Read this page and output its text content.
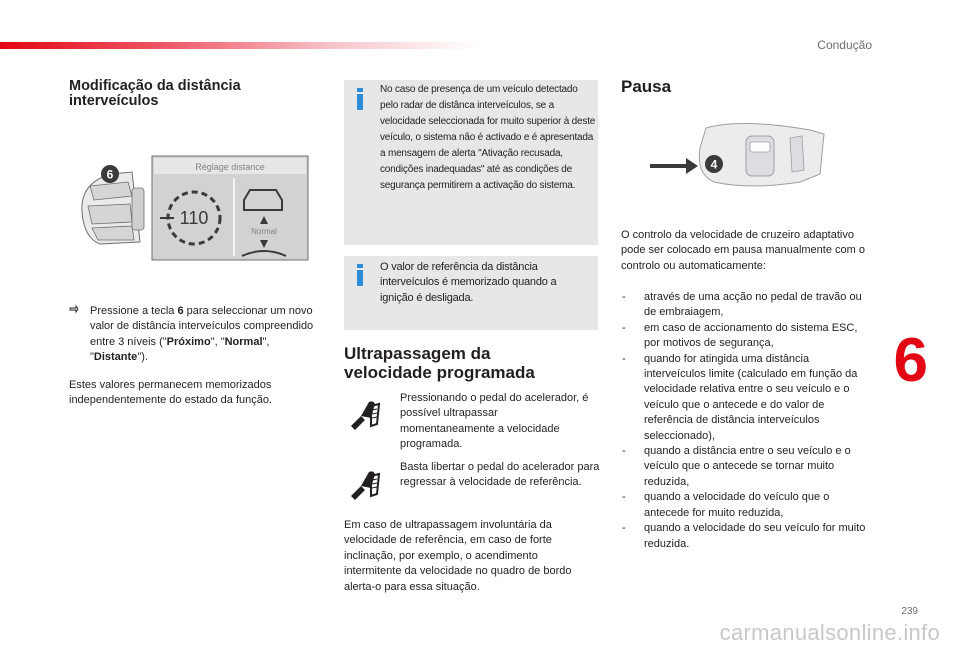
Condução
6
239
carmanualsonline.info
Modificação da distância interveículos
6
Réglage distance
110
Normal
Pressione a tecla 6 para seleccionar um novo valor de distância interveículos compreendido entre 3 níveis ("Próximo", "Normal", "Distante").
Estes valores permanecem memorizados independentemente do estado da função.
No caso de presença de um veículo detectado pelo radar de distânca interveículos, se a velocidade seleccionada for muito superior à deste veículo, o sistema não é activado e é apresentada a mensagem de alerta "Ativação recusada, condições inadequadas" até as condições de segurança permitirem a activação do sistema.
O valor de referência da distância interveículos é memorizado quando a ignição é desligada.
Ultrapassagem da velocidade programada
Pressionando o pedal do acelerador, é possível ultrapassar momentaneamente a velocidade programada.
Basta libertar o pedal do acelerador para regressar à velocidade de referência.
Em caso de ultrapassagem involuntária da velocidade de referência, em caso de forte inclinação, por exemplo, o acendimento intermitente da velocidade no quadro de bordo alerta-o para essa situação.
Pausa
4
O controlo da velocidade de cruzeiro adaptativo pode ser colocado em pausa manualmente com o controlo ou automaticamente:
- através de uma acção no pedal de travão ou de embraiagem,
- em caso de accionamento do sistema ESC, por motivos de segurança,
- quando for atingida uma distância interveículos limite (calculado em função da velocidade relativa entre o seu veículo e o veículo que o antecede e do valor de referência de distância interveículos seleccionado),
- quando a distância entre o seu veículo e o veículo que o antecede se tornar muito reduzida,
- quando a velocidade do veículo que o antecede for muito reduzida,
- quando a velocidade do seu veículo for muito reduzida.
